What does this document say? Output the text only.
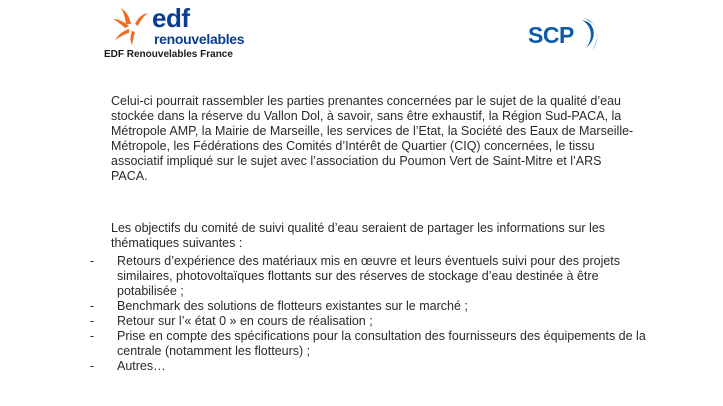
edf
renouvelables
EDF Renouvelables France
SCP
Celui-ci pourrait rassembler les parties prenantes concernées par le sujet de la qualité d’eau stockée dans la réserve du Vallon Dol, à savoir, sans être exhaustif, la Région Sud-PACA, la Métropole AMP, la Mairie de Marseille, les services de l’Etat, la Société des Eaux de Marseille-Métropole, les Fédérations des Comités d’Intérêt de Quartier (CIQ) concernées, le tissu associatif impliqué sur le sujet avec l’association du Poumon Vert de Saint-Mitre et l’ARS PACA.
Les objectifs du comité de suivi qualité d’eau seraient de partager les informations sur les thématiques suivantes :
- Retours d’expérience des matériaux mis en œuvre et leurs éventuels suivi pour des projets similaires, photovoltaïques flottants sur des réserves de stockage d’eau destinée à être potabilisée ;
- Benchmark des solutions de flotteurs existantes sur le marché ;
- Retour sur l’« état 0 » en cours de réalisation ;
- Prise en compte des spécifications pour la consultation des fournisseurs des équipements de la centrale (notamment les flotteurs) ;
- Autres…
